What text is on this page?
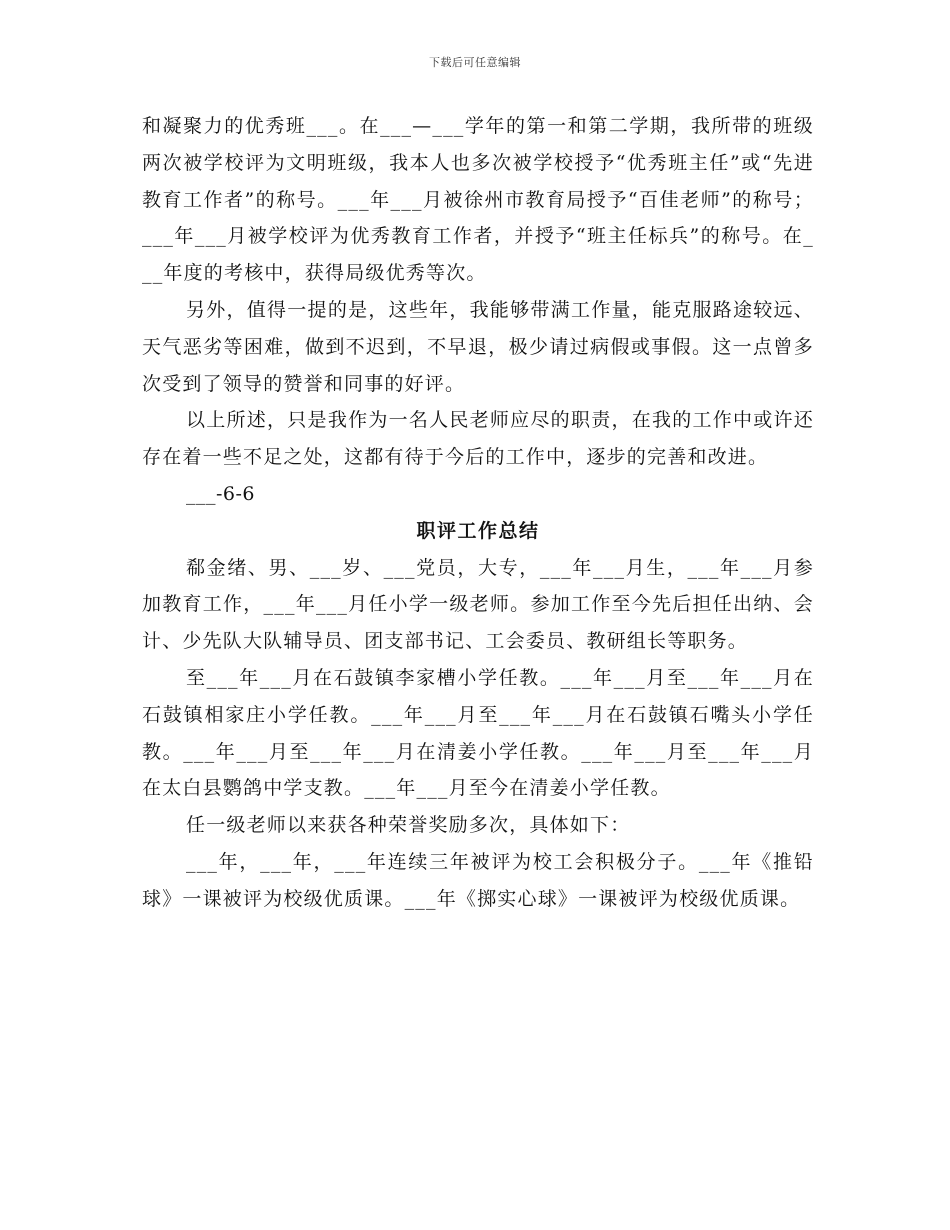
下载后可任意编辑

和凝聚力的优秀班___。在___—___学年的第一和第二学期，我所带的班级两次被学校评为文明班级，我本人也多次被学校授予“优秀班主任”或“先进教育工作者”的称号。___年___月被徐州市教育局授予“百佳老师”的称号；___年___月被学校评为优秀教育工作者，并授予“班主任标兵”的称号。在___年度的考核中，获得局级优秀等次。

另外，值得一提的是，这些年，我能够带满工作量，能克服路途较远、天气恶劣等困难，做到不迟到，不早退，极少请过病假或事假。这一点曾多次受到了领导的赞誉和同事的好评。

以上所述，只是我作为一名人民老师应尽的职责，在我的工作中或许还存在着一些不足之处，这都有待于今后的工作中，逐步的完善和改进。

___-6-6

职评工作总结

郗金绪、男、___岁、___党员，大专，___年___月生，___年___月参加教育工作，___年___月任小学一级老师。参加工作至今先后担任出纳、会计、少先队大队辅导员、团支部书记、工会委员、教研组长等职务。

至___年___月在石鼓镇李家槽小学任教。___年___月至___年___月在石鼓镇相家庄小学任教。___年___月至___年___月在石鼓镇石嘴头小学任教。___年___月至___年___月在清姜小学任教。___年___月至___年___月在太白县鹦鸽中学支教。___年___月至今在清姜小学任教。

任一级老师以来获各种荣誉奖励多次，具体如下：

___年，___年，___年连续三年被评为校工会积极分子。___年《推铅球》一课被评为校级优质课。___年《掷实心球》一课被评为校级优质课。
